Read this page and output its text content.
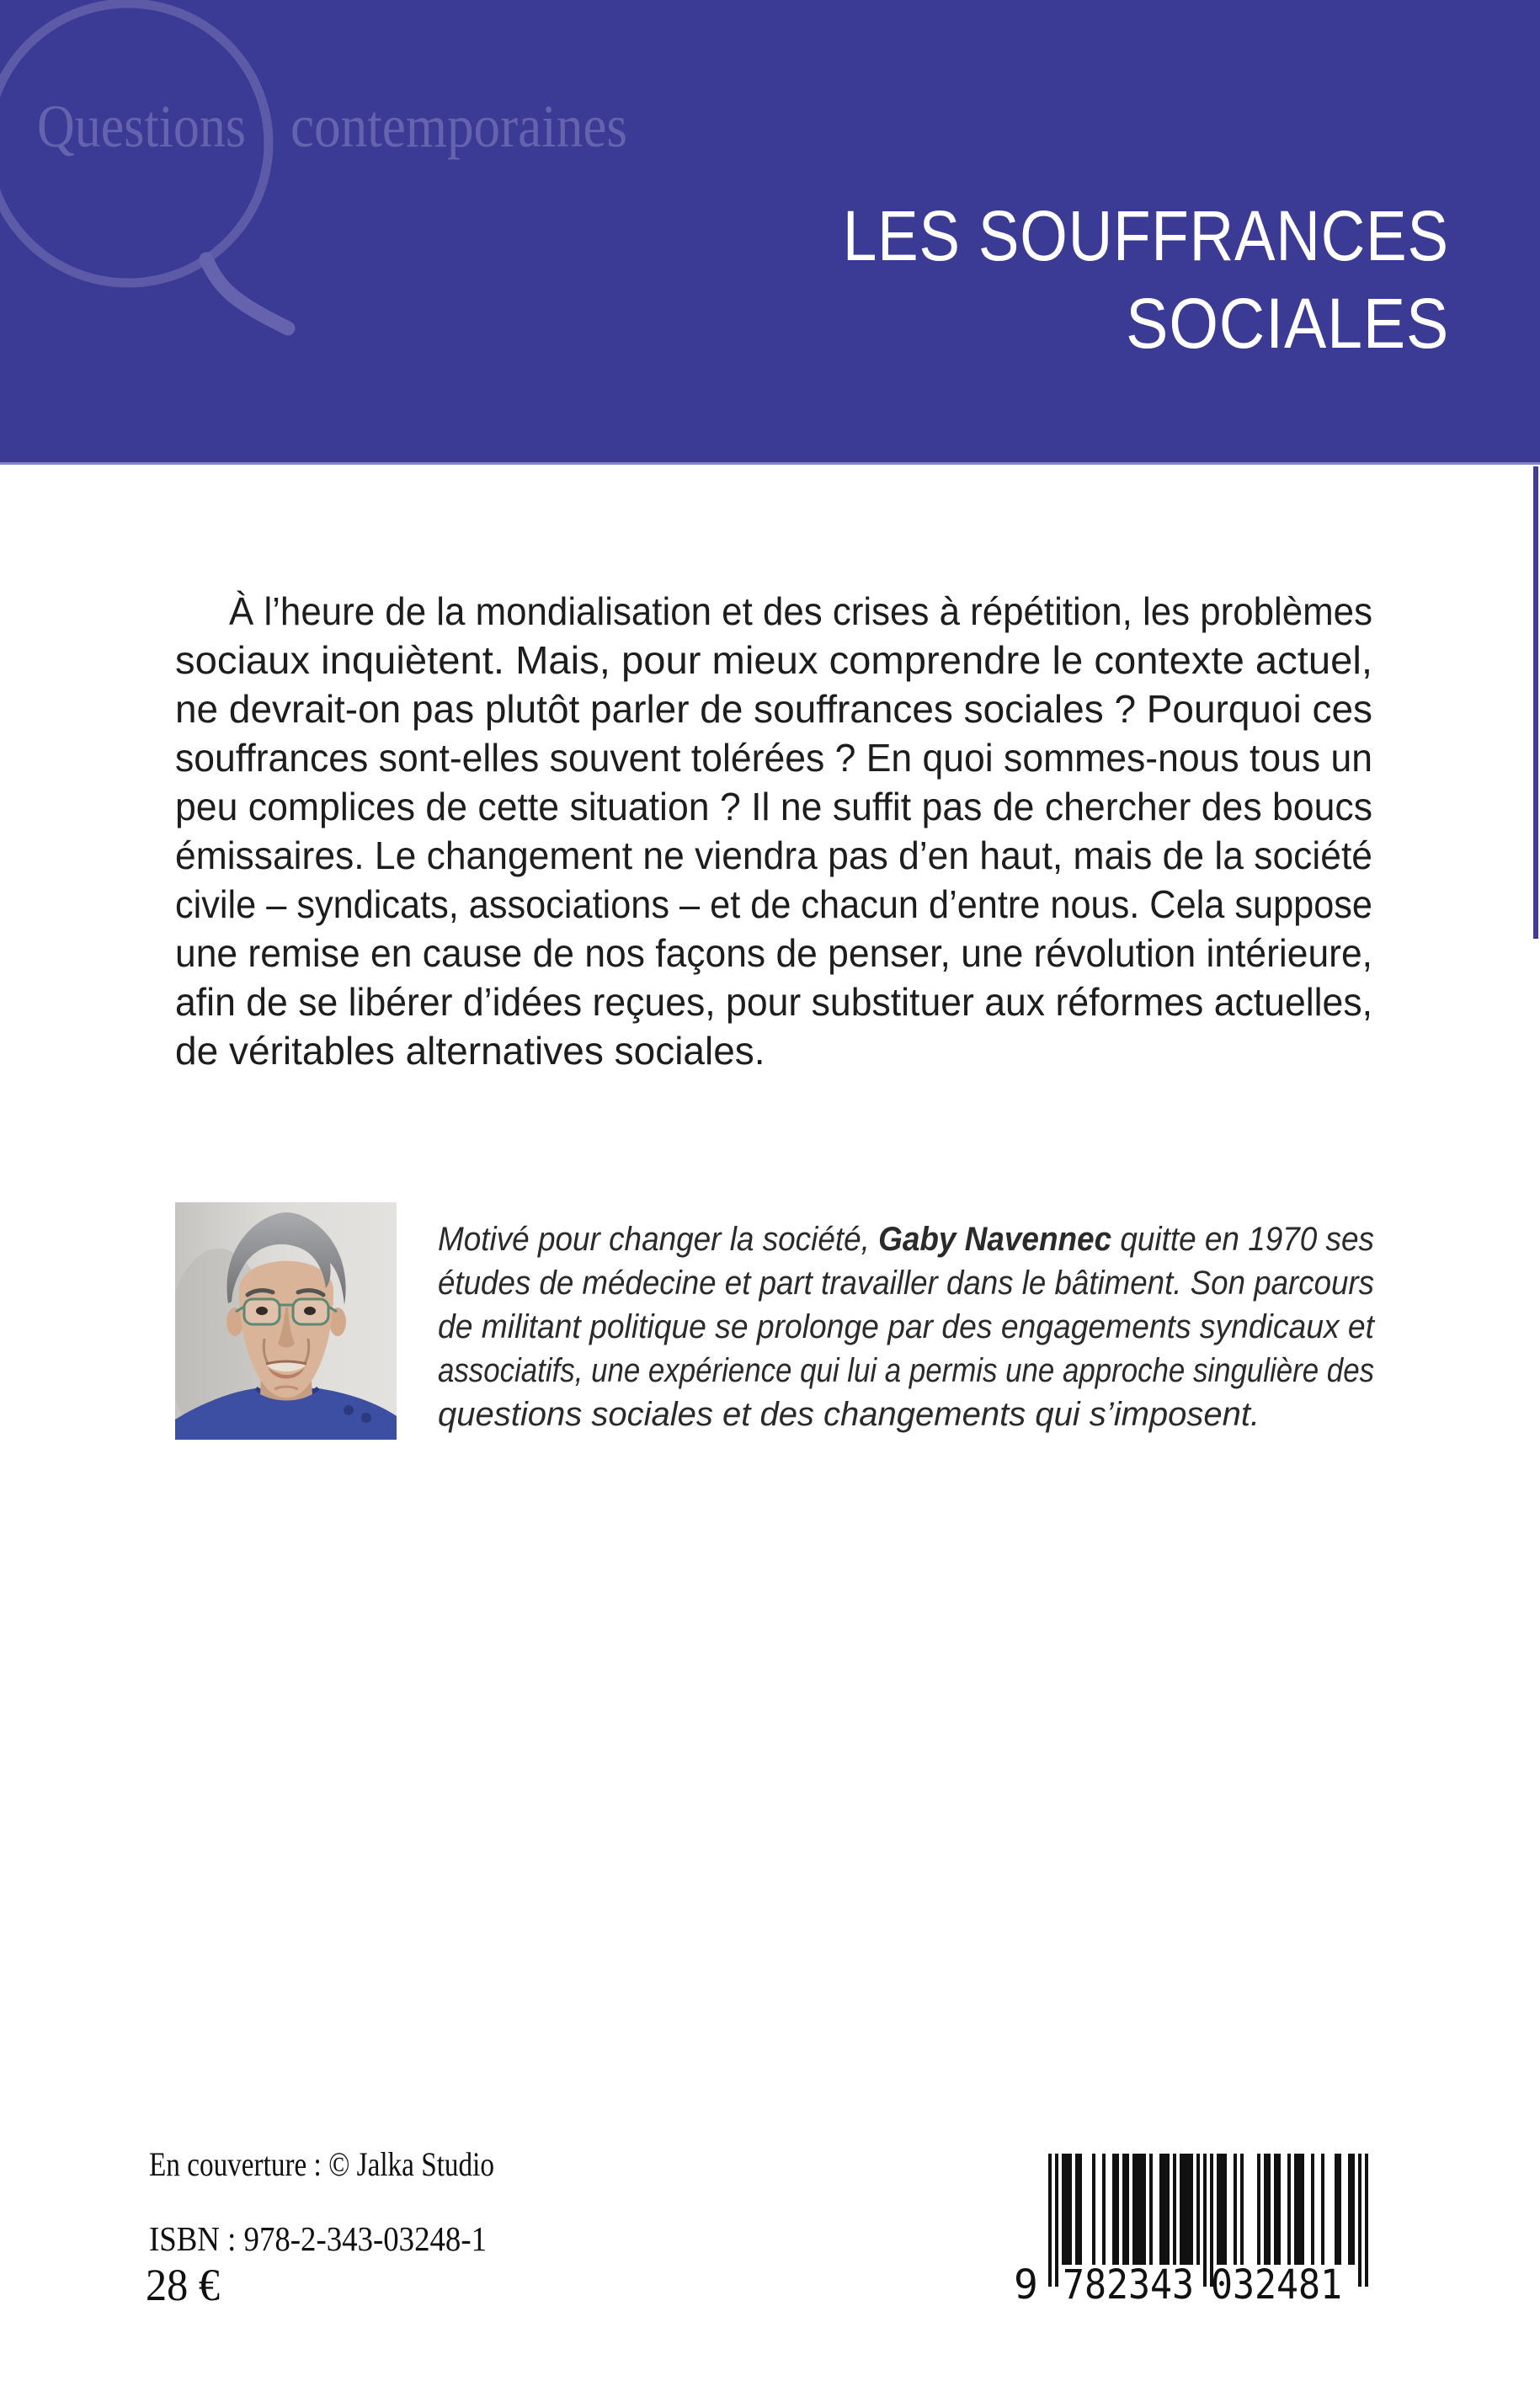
Questions contemporaines
LES SOUFFRANCES
SOCIALES
À l’heure de la mondialisation et des crises à répétition, les problèmes
sociaux inquiètent. Mais, pour mieux comprendre le contexte actuel,
ne devrait-on pas plutôt parler de souffrances sociales ? Pourquoi ces
souffrances sont-elles souvent tolérées ? En quoi sommes-nous tous un
peu complices de cette situation ? Il ne suffit pas de chercher des boucs
émissaires. Le changement ne viendra pas d’en haut, mais de la société
civile – syndicats, associations – et de chacun d’entre nous. Cela suppose
une remise en cause de nos façons de penser, une révolution intérieure,
afin de se libérer d’idées reçues, pour substituer aux réformes actuelles,
de véritables alternatives sociales.
Motivé pour changer la société, Gaby Navennec quitte en 1970 ses
études de médecine et part travailler dans le bâtiment. Son parcours
de militant politique se prolonge par des engagements syndicaux et
associatifs, une expérience qui lui a permis une approche singulière des
questions sociales et des changements qui s’imposent.
En couverture : © Jalka Studio
ISBN : 978-2-343-03248-1
28 €	9 782343 032481
